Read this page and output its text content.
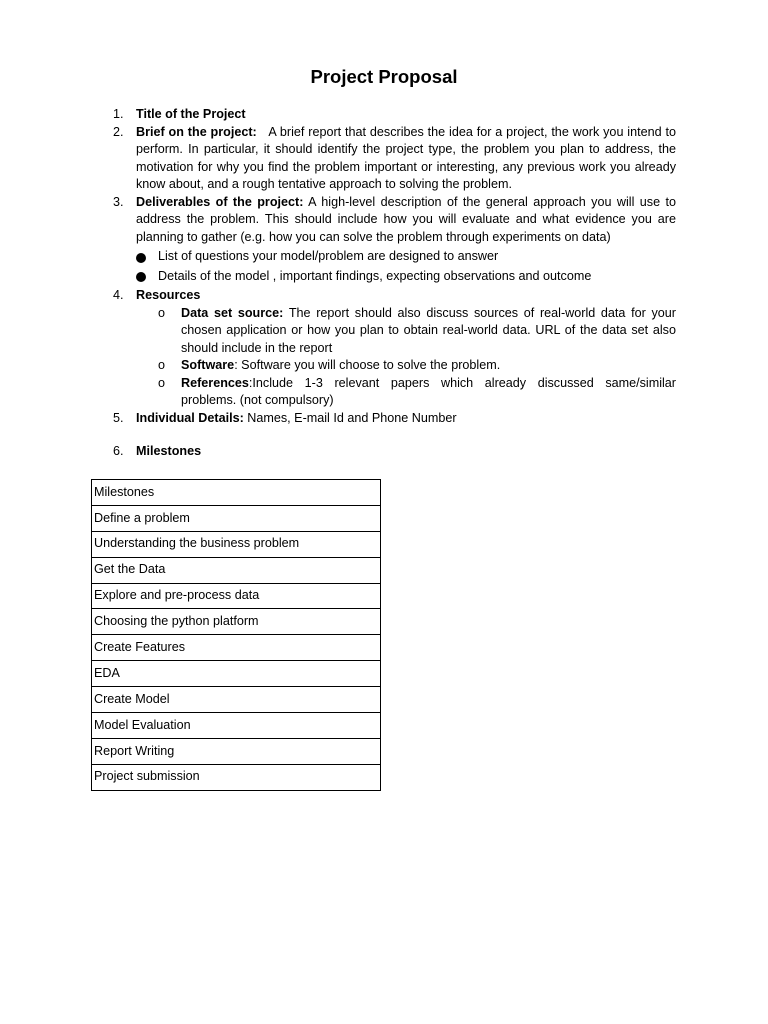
Project Proposal
1. Title of the Project
2. Brief on the project: A brief report that describes the idea for a project, the work you intend to perform. In particular, it should identify the project type, the problem you plan to address, the motivation for why you find the problem important or interesting, any previous work you already know about, and a rough tentative approach to solving the problem.
3. Deliverables of the project: A high-level description of the general approach you will use to address the problem. This should include how you will evaluate and what evidence you are planning to gather (e.g. how you can solve the problem through experiments on data)
List of questions your model/problem are designed to answer
Details of the model , important findings, expecting observations and outcome
4. Resources
o Data set source: The report should also discuss sources of real-world data for your chosen application or how you plan to obtain real-world data. URL of the data set also should include in the report
o Software: Software you will choose to solve the problem.
o References:Include 1-3 relevant papers which already discussed same/similar problems. (not compulsory)
5. Individual Details: Names, E-mail Id and Phone Number
6. Milestones
Milestones
Define a problem
Understanding the business problem
Get the Data
Explore and pre-process data
Choosing the python platform
Create Features
EDA
Create Model
Model Evaluation
Report Writing
Project submission
